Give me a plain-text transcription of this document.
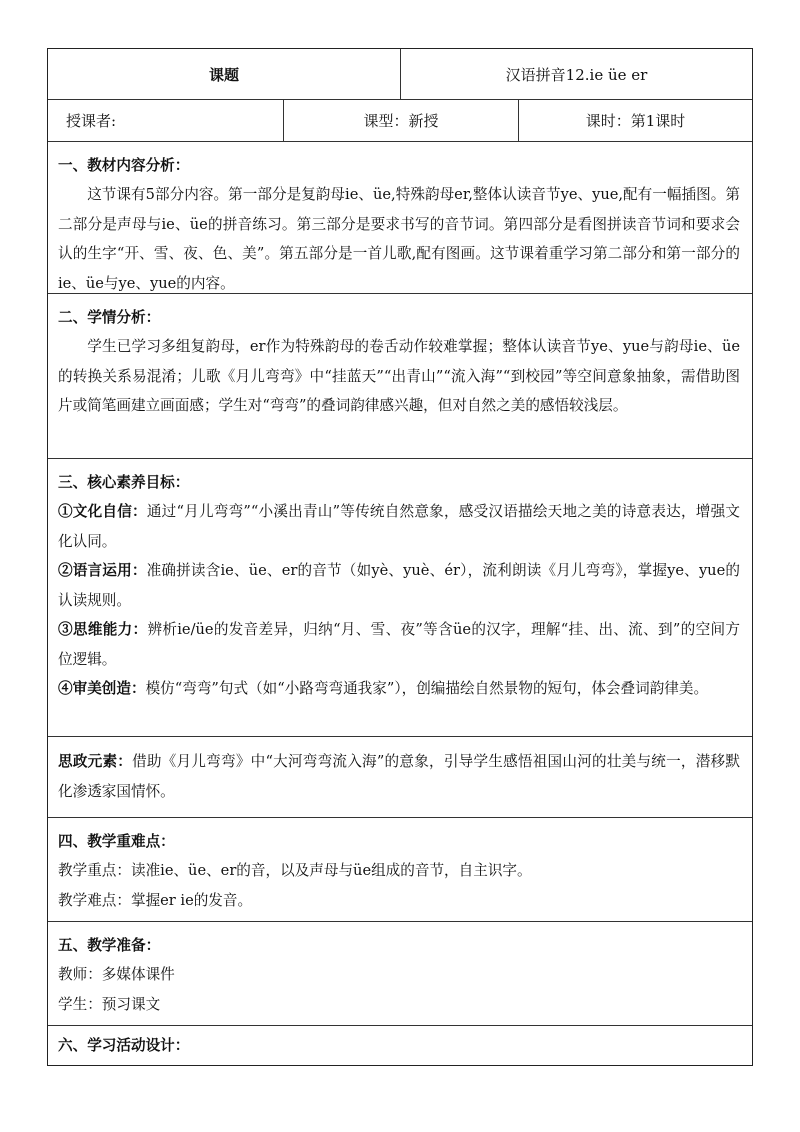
课题	汉语拼音12.ie üe er
授课者:	课型：新授	课时：第1课时
一、教材内容分析：
这节课有5部分内容。第一部分是复韵母ie、üe,特殊韵母er,整体认读音节ye、yue,配有一幅插图。第二部分是声母与ie、üe的拼音练习。第三部分是要求书写的音节词。第四部分是看图拼读音节词和要求会认的生字“开、雪、夜、色、美”。第五部分是一首儿歌,配有图画。这节课着重学习第二部分和第一部分的ie、üe与ye、yue的内容。
二、学情分析：
学生已学习多组复韵母，er作为特殊韵母的卷舌动作较难掌握；整体认读音节ye、yue与韵母ie、üe的转换关系易混淆；儿歌《月儿弯弯》中“挂蓝天”“出青山”“流入海”“到校园”等空间意象抽象，需借助图片或简笔画建立画面感；学生对“弯弯”的叠词韵律感兴趣，但对自然之美的感悟较浅层。
三、核心素养目标：
①文化自信：通过“月儿弯弯”“小溪出青山”等传统自然意象，感受汉语描绘天地之美的诗意表达，增强文化认同。
②语言运用：准确拼读含ie、üe、er的音节（如yè、yuè、ér），流利朗读《月儿弯弯》，掌握ye、yue的认读规则。
③思维能力：辨析ie/üe的发音差异，归纳“月、雪、夜”等含üe的汉字，理解“挂、出、流、到”的空间方位逻辑。
④审美创造：模仿“弯弯”句式（如“小路弯弯通我家”），创编描绘自然景物的短句，体会叠词韵律美。
思政元素：借助《月儿弯弯》中“大河弯弯流入海”的意象，引导学生感悟祖国山河的壮美与统一，潜移默化渗透家国情怀。
四、教学重难点：
教学重点：读准ie、üe、er的音，以及声母与üe组成的音节，自主识字。
教学难点：掌握er ie的发音。
五、教学准备：
教师：多媒体课件
学生：预习课文
六、学习活动设计：
